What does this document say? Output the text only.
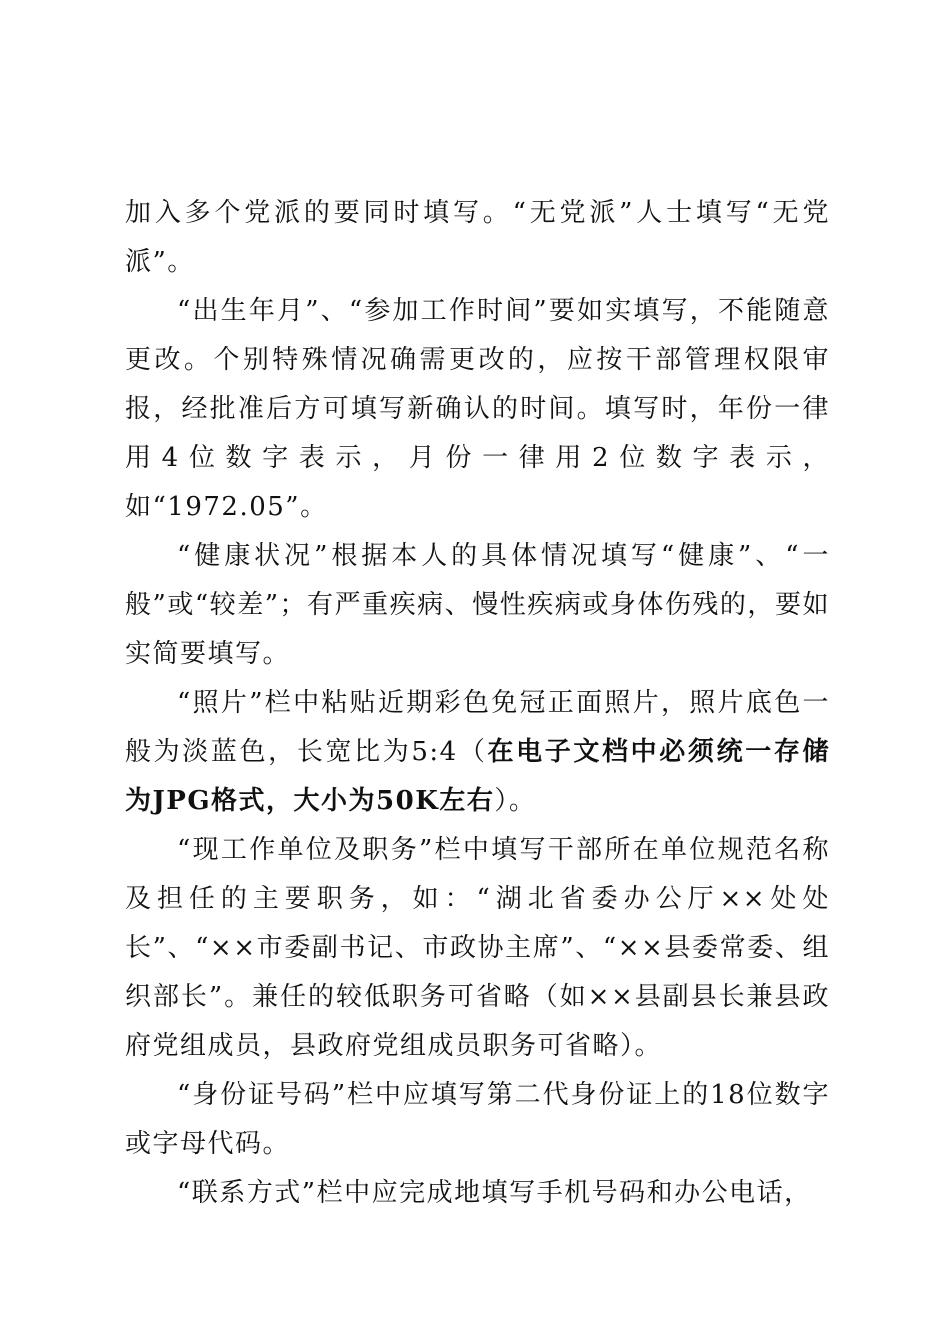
加入多个党派的要同时填写。“无党派”人士填写“无党派”。

“出生年月”、“参加工作时间”要如实填写，不能随意更改。个别特殊情况确需更改的，应按干部管理权限审报，经批准后方可填写新确认的时间。填写时，年份一律用4位数字表示，月份一律用2位数字表示，如“1972.05”。

“健康状况”根据本人的具体情况填写“健康”、“一般”或“较差”；有严重疾病、慢性疾病或身体伤残的，要如实简要填写。

“照片”栏中粘贴近期彩色免冠正面照片，照片底色一般为淡蓝色，长宽比为5:4（在电子文档中必须统一存储为JPG格式，大小为50K左右）。

“现工作单位及职务”栏中填写干部所在单位规范名称及担任的主要职务，如：“湖北省委办公厅××处处长”、“××市委副书记、市政协主席”、“××县委常委、组织部长”。兼任的较低职务可省略（如××县副县长兼县政府党组成员，县政府党组成员职务可省略）。

“身份证号码”栏中应填写第二代身份证上的18位数字或字母代码。

“联系方式”栏中应完成地填写手机号码和办公电话，
